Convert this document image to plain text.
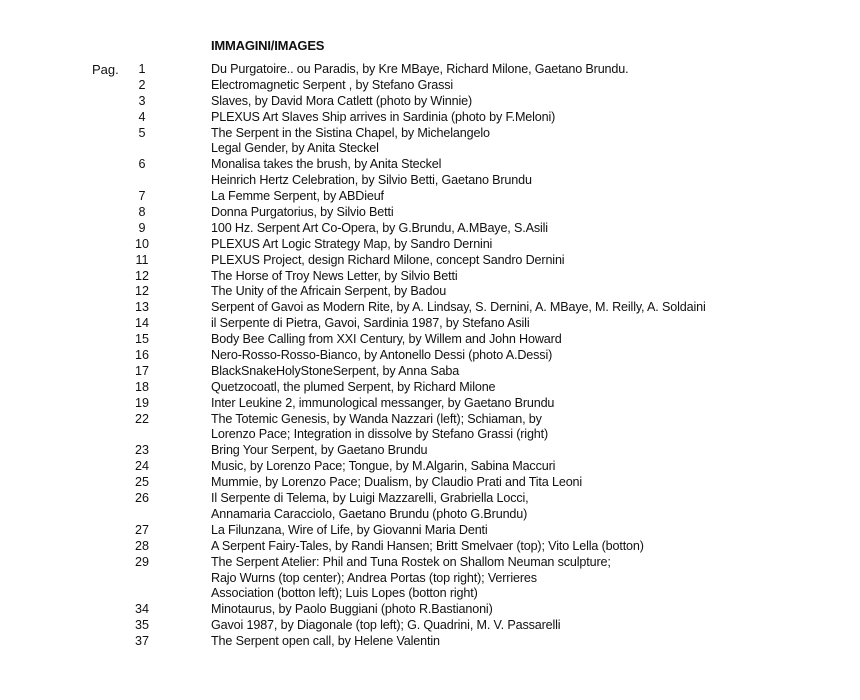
IMMAGINI/IMAGES
Pag.	1	Du Purgatoire.. ou Paradis, by Kre MBaye, Richard Milone, Gaetano Brundu.
2	Electromagnetic Serpent , by Stefano Grassi
3	Slaves, by David Mora Catlett (photo by Winnie)
4	PLEXUS Art Slaves Ship arrives in Sardinia (photo by F.Meloni)
5	The Serpent in the Sistina Chapel, by Michelangelo
Legal Gender, by Anita Steckel
6	Monalisa takes the brush, by Anita Steckel
Heinrich Hertz Celebration, by Silvio Betti, Gaetano Brundu
7	La Femme Serpent, by ABDieuf
8	Donna Purgatorius, by Silvio Betti
9	100 Hz. Serpent Art Co-Opera, by G.Brundu, A.MBaye, S.Asili
10	PLEXUS Art Logic Strategy Map, by Sandro Dernini
11	PLEXUS Project, design Richard Milone, concept Sandro Dernini
12	The Horse of Troy News Letter, by Silvio Betti
12	The Unity of the Africain Serpent, by Badou
13	Serpent of Gavoi as Modern Rite, by A. Lindsay, S. Dernini, A. MBaye, M. Reilly, A. Soldaini
14	il Serpente di Pietra, Gavoi, Sardinia 1987, by Stefano Asili
15	Body Bee Calling from XXI Century, by Willem and John Howard
16	Nero-Rosso-Rosso-Bianco, by Antonello Dessi (photo A.Dessi)
17	BlackSnakeHolyStoneSerpent, by Anna Saba
18	Quetzocoatl, the plumed Serpent, by Richard Milone
19	Inter Leukine 2, immunological messanger, by Gaetano Brundu
22	The Totemic Genesis, by Wanda Nazzari (left); Schiaman, by
Lorenzo Pace; Integration in dissolve by Stefano Grassi (right)
23	Bring Your Serpent, by Gaetano Brundu
24	Music, by Lorenzo Pace; Tongue, by M.Algarin, Sabina Maccuri
25	Mummie, by Lorenzo Pace; Dualism, by Claudio Prati and Tita Leoni
26	Il Serpente di Telema, by Luigi Mazzarelli, Grabriella Locci,
Annamaria Caracciolo, Gaetano Brundu (photo G.Brundu)
27	La Filunzana, Wire of Life, by Giovanni Maria Denti
28	A Serpent Fairy-Tales, by Randi Hansen; Britt Smelvaer (top); Vito Lella (botton)
29	The Serpent Atelier: Phil and Tuna Rostek on Shallom Neuman sculpture;
Rajo Wurns (top center); Andrea Portas (top right); Verrieres
Association (botton left); Luis Lopes (botton right)
34	Minotaurus, by Paolo Buggiani (photo R.Bastianoni)
35	Gavoi 1987, by Diagonale (top left); G. Quadrini, M. V. Passarelli
37	The Serpent open call, by Helene Valentin
